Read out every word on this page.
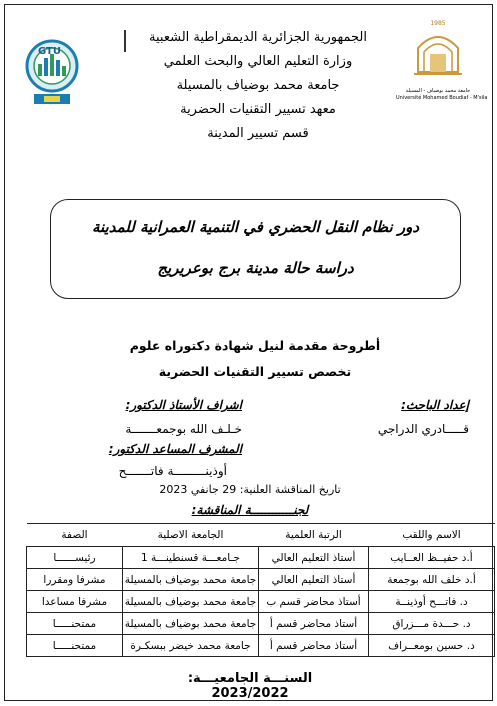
GTU
الجمهورية الجزائرية الديمقراطية الشعبية
وزارة التعليم العالي والبحث العلمي
جامعة محمد بوضياف بالمسيلة
معهد تسيير التقنيات الحضرية
قسم تسيير المدينة
1985
جامعة محمد بوضياف - المسيلة
Université Mohamed Boudiaf - M'sila
دور نظام النقل الحضري في التنمية العمرانية للمدينة
دراسة حالة مدينة برج بوعريريج
أطروحة مقدمة لنيل شهادة دكتوراه علوم
تخصص تسيير التقنيات الحضرية
إعداد الباحث:
قـــــادري الدراجي
اشراف الأستاذ الدكتور:
خـلـف الله بوجمعـــــــة
المشرف المساعد الدكتور:
أوذينـــــــــة فاتـــــــح
تاريخ المناقشة العلنية: 29 جانفي 2023
لجنــــــــــــة المناقشة:
الاسم واللقب	الرتبة العلمية	الجامعة الاصلية	الصفة
أ.د حفيــظ العــايب	أستاذ التعليم العالي	جـامعـــة قسنطينـــة 1	رئيســــــا
أ.د خلف الله بوجمعة	أستاذ التعليم العالي	جامعة محمد بوضياف بالمسيلة	مشرفا ومقررا
د. فاتـــح أوذينــة	أستاذ محاضر قسم ب	جامعة محمد بوضياف بالمسيلة	مشرفا مساعدا
د. حـــدة مـــزراق	أستاذ محاضر قسم أ	جامعة محمد بوضياف بالمسيلة	ممتحنـــــا
د. حسين بومعــراف	أستاذ محاضر قسم أ	جامعة محمد خيضر ببسكـرة	ممتحنـــــا
السنـــة الجامعيـــة: 2023/2022
